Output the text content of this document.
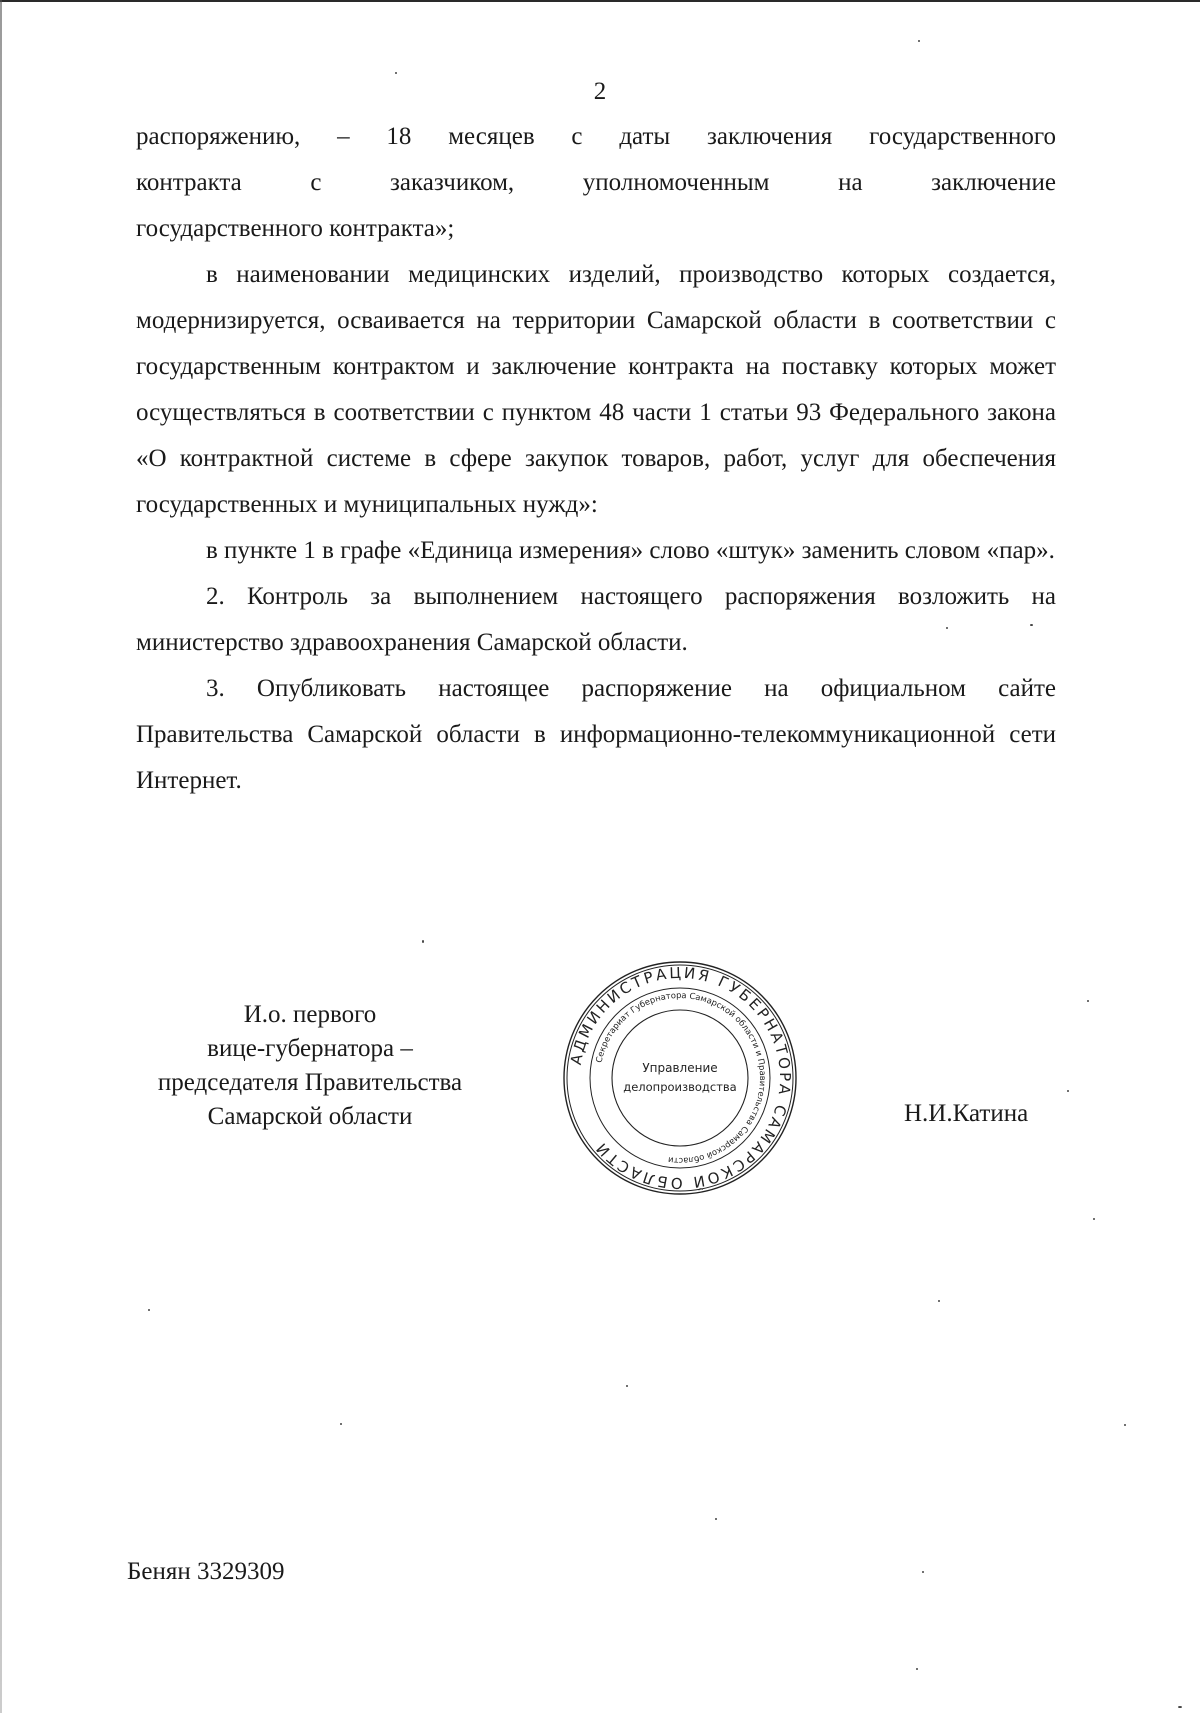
2

распоряжению, – 18 месяцев с даты заключения государственного

контракта с заказчиком, уполномоченным на заключение

государственного контракта»;

в наименовании медицинских изделий, производство которых создается, модернизируется, осваивается на территории Самарской области в соответствии с государственным контрактом и заключение контракта на поставку которых может осуществляться в соответствии с пунктом 48 части 1 статьи 93 Федерального закона «О контрактной системе в сфере закупок товаров, работ, услуг для обеспечения государственных и муниципальных нужд»:

в пункте 1 в графе «Единица измерения» слово «штук» заменить словом «пар».

2. Контроль за выполнением настоящего распоряжения возложить на министерство здравоохранения Самарской области.

3. Опубликовать настоящее распоряжение на официальном сайте Правительства Самарской области в информационно-телекоммуникационной сети Интернет.

И.о. первого
вице-губернатора –
председателя Правительства
Самарской области
АДМИНИСТРАЦИЯ ГУБЕРНАТОРА САМАРСКОЙ ОБЛАСТИ
Секретариат Губернатора Самарской области и Правительства Самарской области
Управление
делопроизводства
Н.И.Катина
Бенян 3329309
